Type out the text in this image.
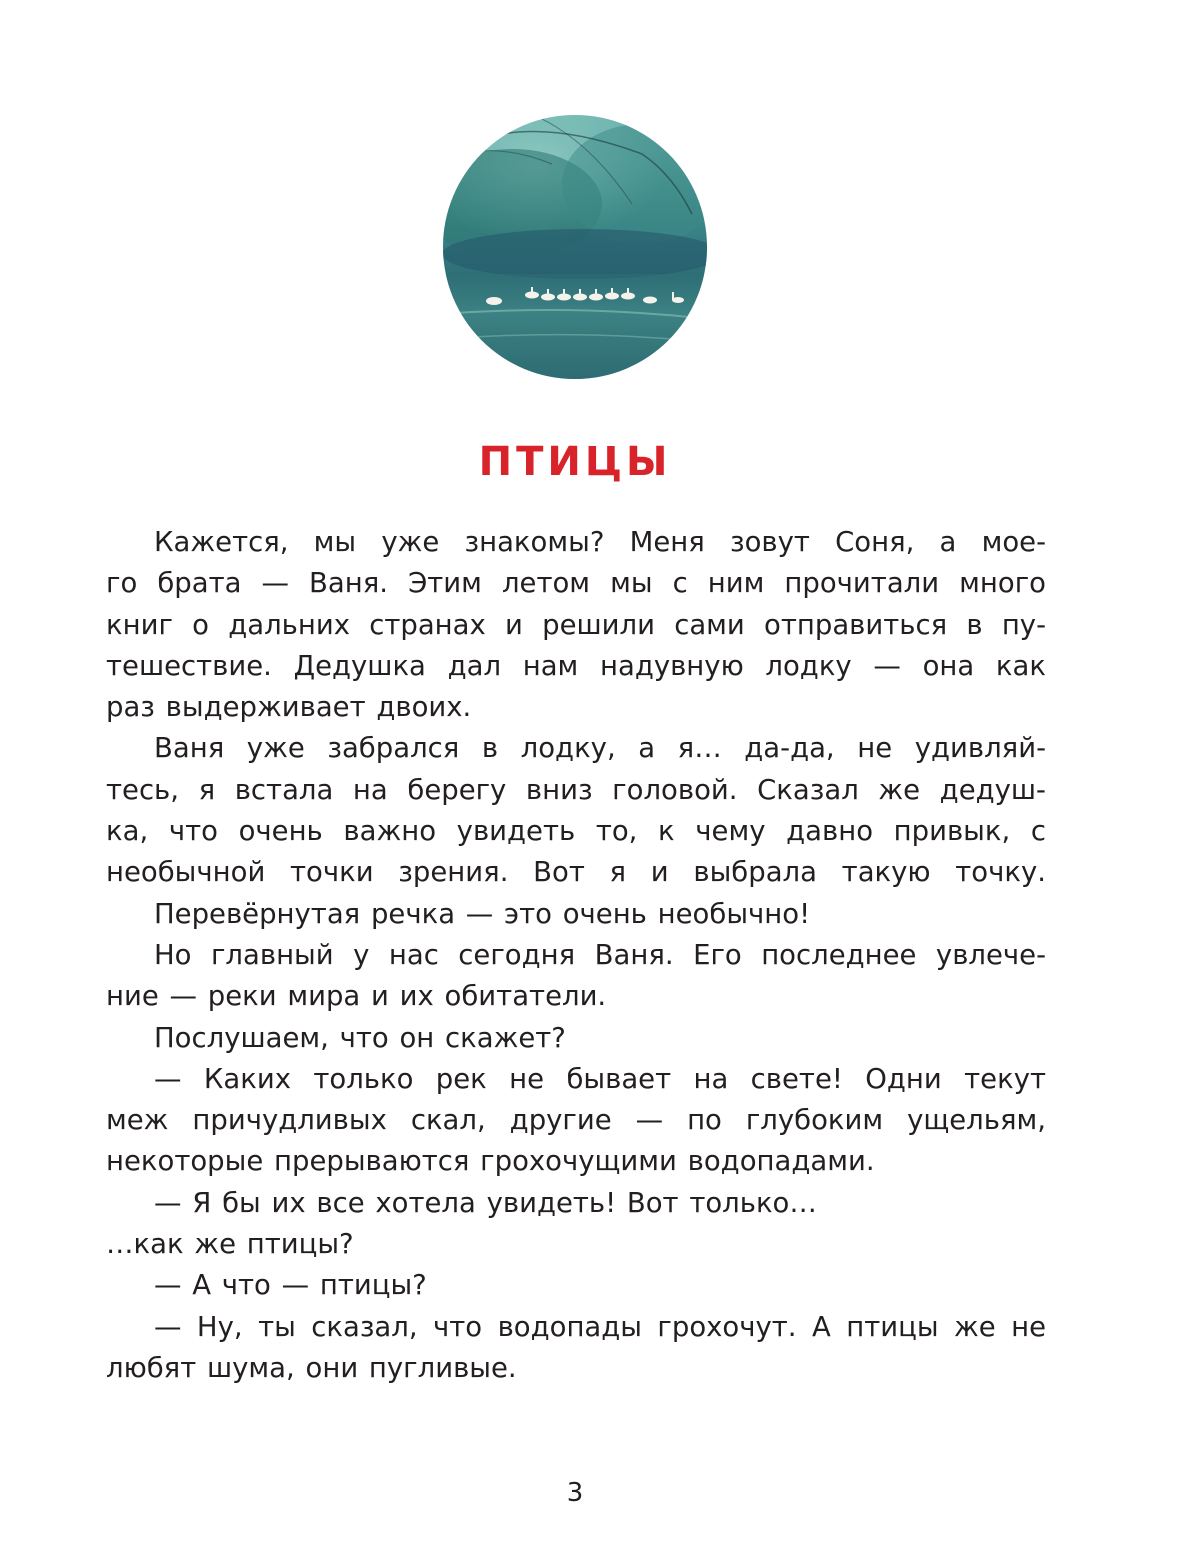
ПТИЦЫ
Кажется, мы уже знакомы? Меня зовут Соня, а мое-
го брата — Ваня. Этим летом мы с ним прочитали много
книг о дальних странах и решили сами отправиться в пу-
тешествие. Дедушка дал нам надувную лодку — она как
раз выдерживает двоих.
Ваня уже забрался в лодку, а я… да-да, не удивляй-
тесь, я встала на берегу вниз головой. Сказал же дедуш-
ка, что очень важно увидеть то, к чему давно привык, с
необычной точки зрения. Вот я и выбрала такую точку.
Перевёрнутая речка — это очень необычно!
Но главный у нас сегодня Ваня. Его последнее увлече-
ние — реки мира и их обитатели.
Послушаем, что он скажет?
— Каких только рек не бывает на свете! Одни текут
меж причудливых скал, другие — по глубоким ущельям,
некоторые прерываются грохочущими водопадами.
— Я бы их все хотела увидеть! Вот только…
…как же птицы?
— А что — птицы?
— Ну, ты сказал, что водопады грохочут. А птицы же не
любят шума, они пугливые.
3
